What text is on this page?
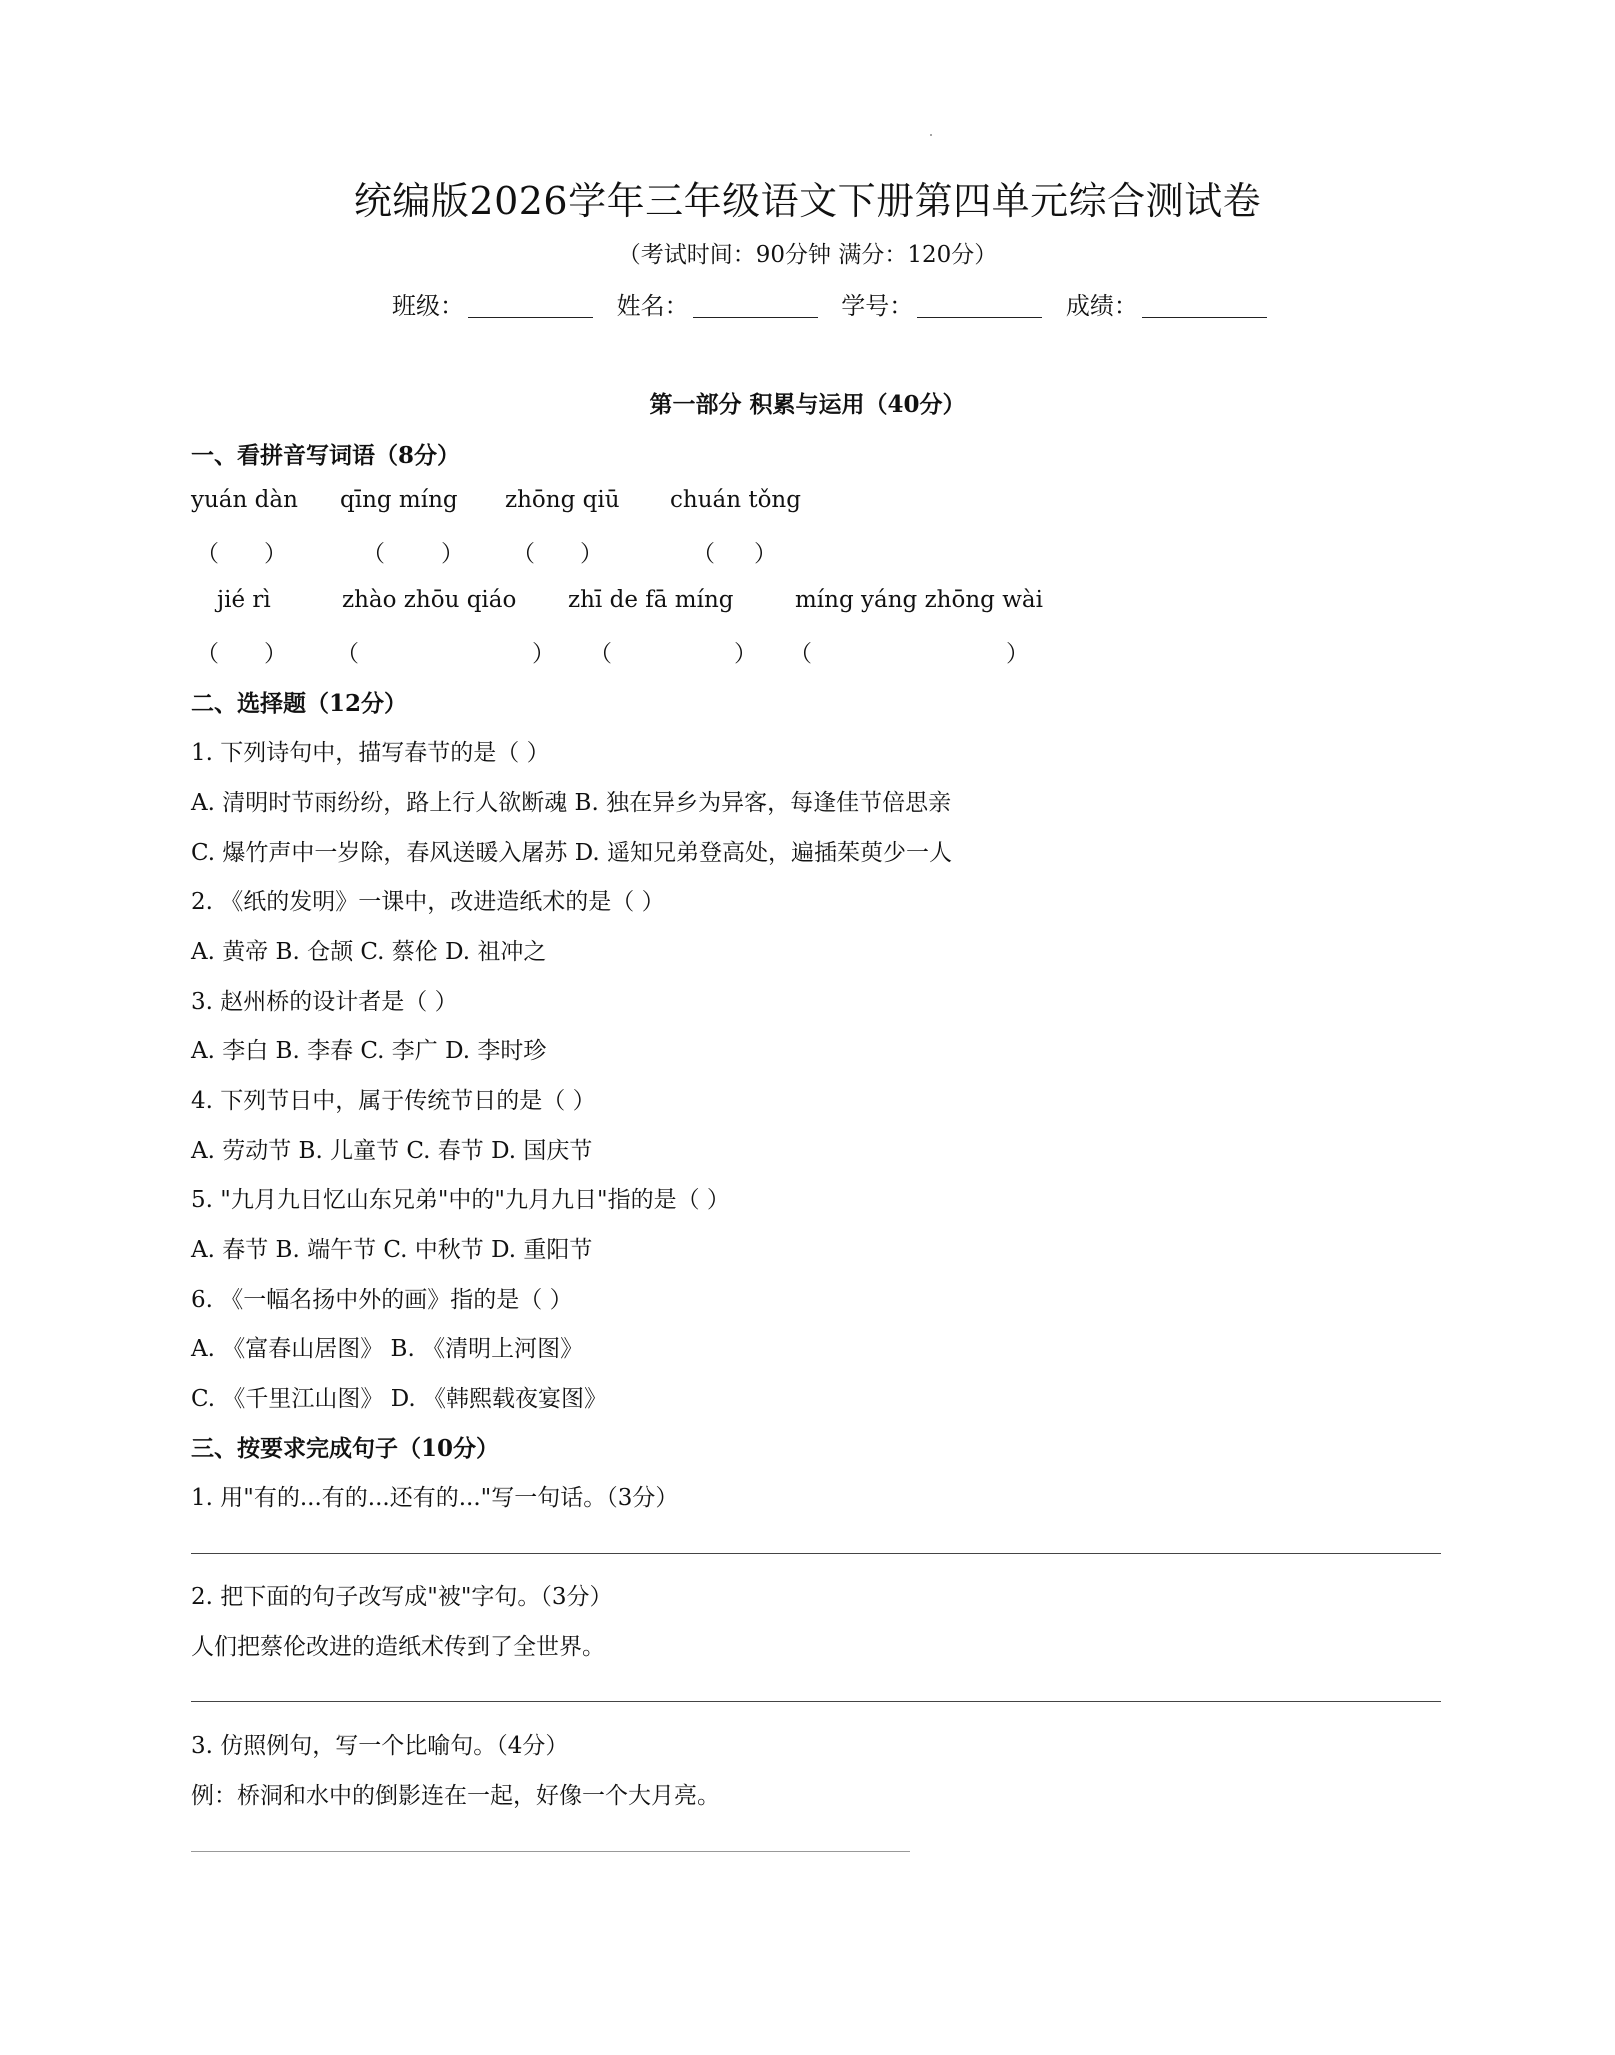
统编版2026学年三年级语文下册第四单元综合测试卷
（考试时间：90分钟 满分：120分）
班级：	姓名：	学号：	成绩：
第一部分 积累与运用（40分）
一、看拼音写词语（8分）
yuán dàn qīng míng zhōng qiū chuán tǒng
（ ）	（ ） （ ）	（ ）
jié rì	zhào zhōu qiáo zhī de fā míng	míng yáng zhōng wài
（ ） （	） （	） （	）
二、选择题（12分）
1. 下列诗句中，描写春节的是（ ）
A. 清明时节雨纷纷，路上行人欲断魂 B. 独在异乡为异客，每逢佳节倍思亲
C. 爆竹声中一岁除，春风送暖入屠苏 D. 遥知兄弟登高处，遍插茱萸少一人
2. 《纸的发明》一课中，改进造纸术的是（ ）
A. 黄帝 B. 仓颉 C. 蔡伦 D. 祖冲之
3. 赵州桥的设计者是（ ）
A. 李白 B. 李春 C. 李广 D. 李时珍
4. 下列节日中，属于传统节日的是（ ）
A. 劳动节 B. 儿童节 C. 春节 D. 国庆节
5. "九月九日忆山东兄弟"中的"九月九日"指的是（ ）
A. 春节 B. 端午节 C. 中秋节 D. 重阳节
6. 《一幅名扬中外的画》指的是（ ）
A. 《富春山居图》 B. 《清明上河图》
C. 《千里江山图》 D. 《韩熙载夜宴图》
三、按要求完成句子（10分）
1. 用"有的...有的...还有的..."写一句话。（3分）
2. 把下面的句子改写成"被"字句。（3分）
人们把蔡伦改进的造纸术传到了全世界。
3. 仿照例句，写一个比喻句。（4分）
例：桥洞和水中的倒影连在一起，好像一个大月亮。
